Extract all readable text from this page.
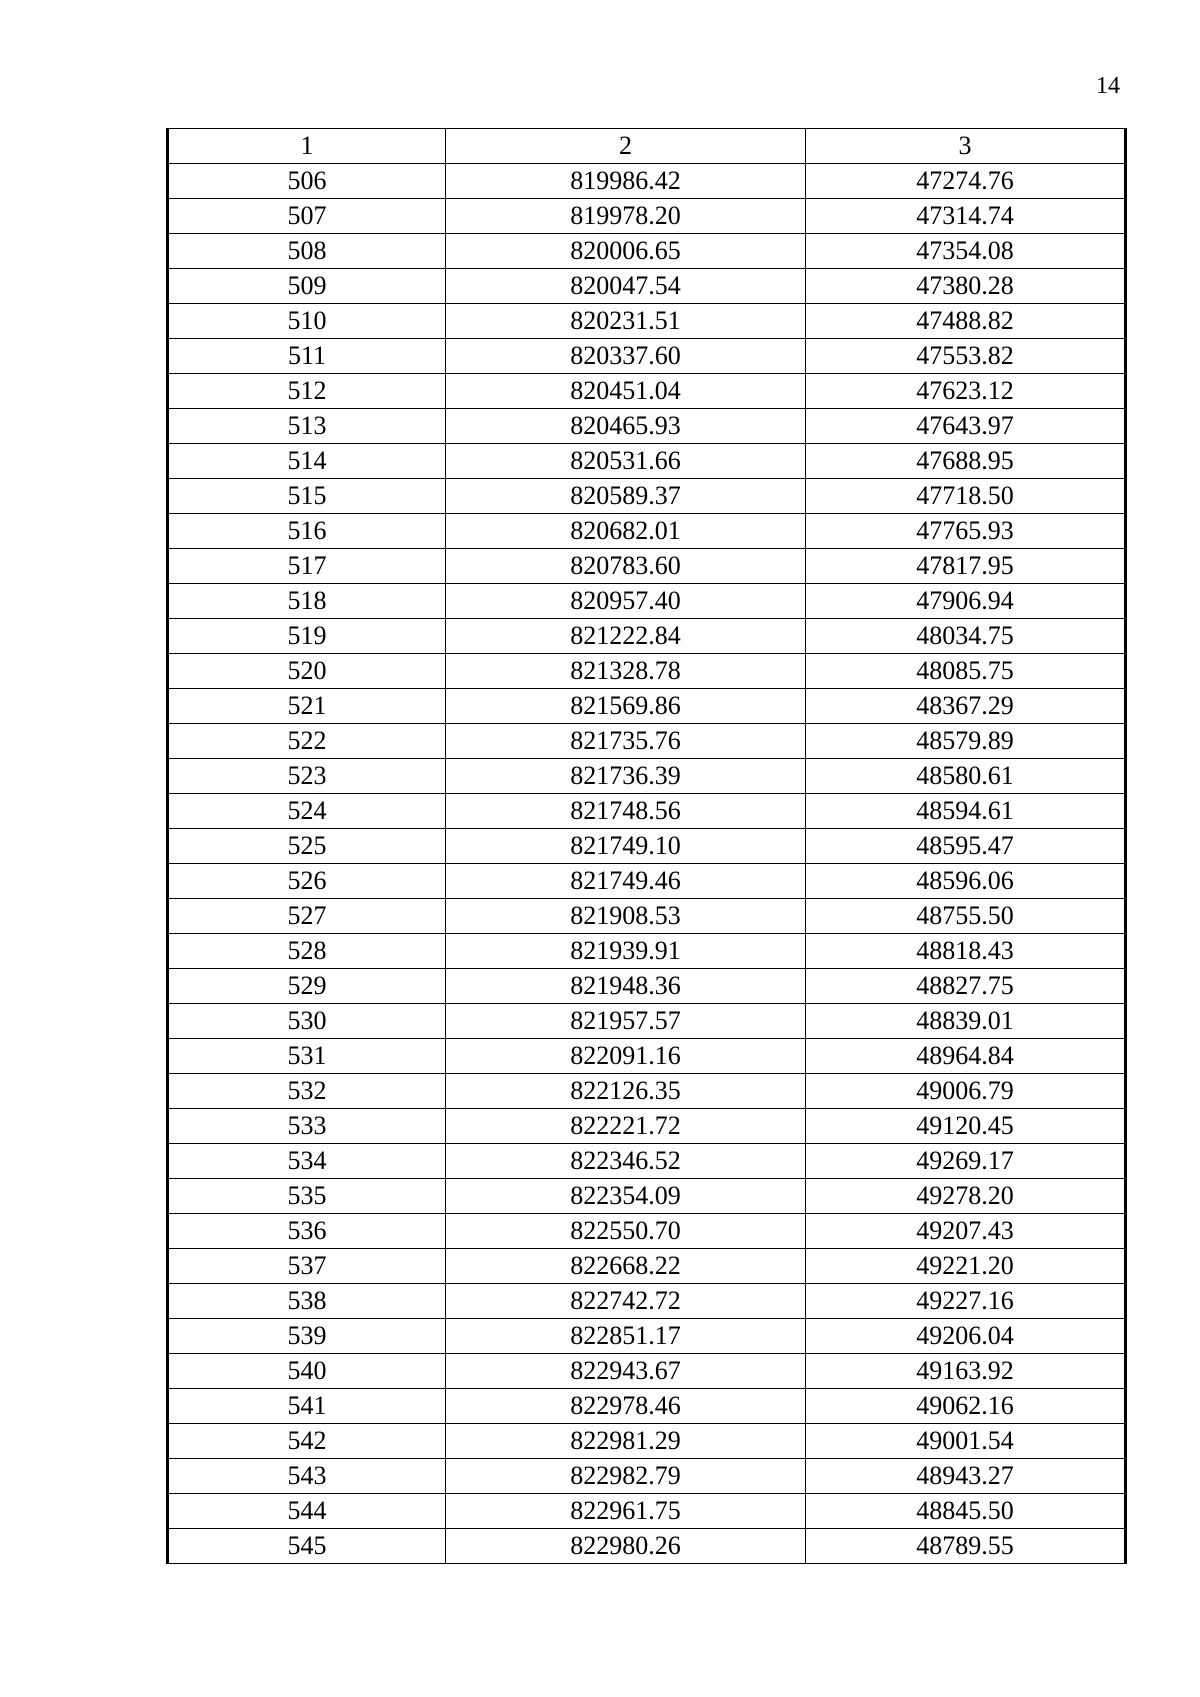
14
1	2	3
506	819986.42	47274.76
507	819978.20	47314.74
508	820006.65	47354.08
509	820047.54	47380.28
510	820231.51	47488.82
511	820337.60	47553.82
512	820451.04	47623.12
513	820465.93	47643.97
514	820531.66	47688.95
515	820589.37	47718.50
516	820682.01	47765.93
517	820783.60	47817.95
518	820957.40	47906.94
519	821222.84	48034.75
520	821328.78	48085.75
521	821569.86	48367.29
522	821735.76	48579.89
523	821736.39	48580.61
524	821748.56	48594.61
525	821749.10	48595.47
526	821749.46	48596.06
527	821908.53	48755.50
528	821939.91	48818.43
529	821948.36	48827.75
530	821957.57	48839.01
531	822091.16	48964.84
532	822126.35	49006.79
533	822221.72	49120.45
534	822346.52	49269.17
535	822354.09	49278.20
536	822550.70	49207.43
537	822668.22	49221.20
538	822742.72	49227.16
539	822851.17	49206.04
540	822943.67	49163.92
541	822978.46	49062.16
542	822981.29	49001.54
543	822982.79	48943.27
544	822961.75	48845.50
545	822980.26	48789.55
